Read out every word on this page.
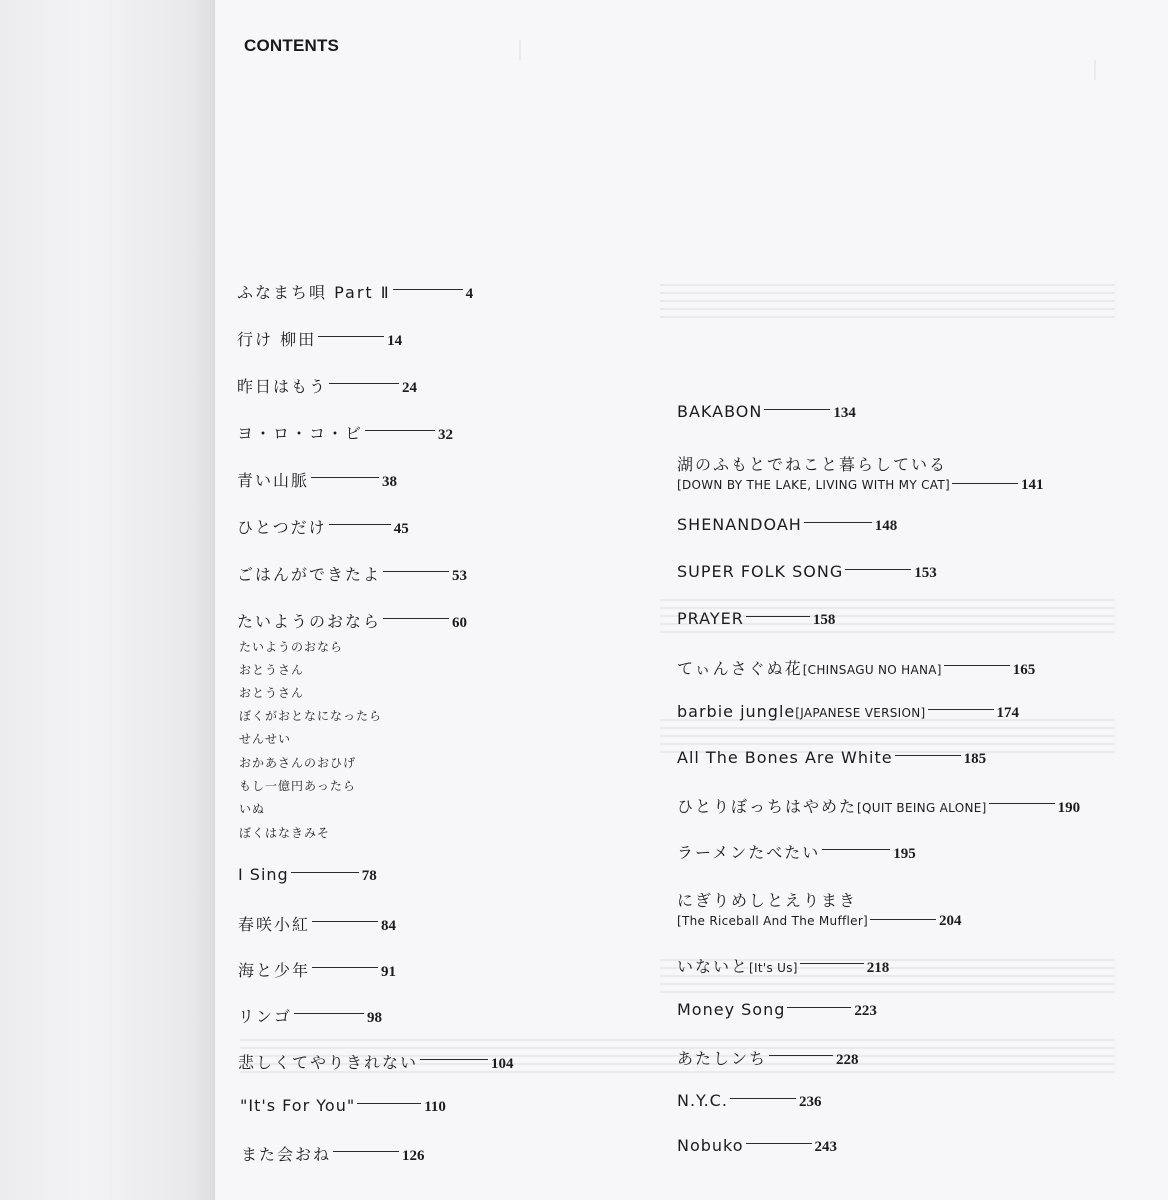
CONTENTS
ふなまち唄 Part Ⅱ	4
行け 柳田	14
昨日はもう	24
ヨ・ロ・コ・ビ	32
青い山脈	38
ひとつだけ	45
ごはんができたよ	53
たいようのおなら	60
たいようのおなら
おとうさん
おとうさん
ぼくがおとなになったら
せんせい
おかあさんのおひげ
もし一億円あったら
いぬ
ぼくはなきみそ
I Sing	78
春咲小紅	84
海と少年	91
リンゴ	98
悲しくてやりきれない	104
"It's For You"	110
また会おね	126
BAKABON	134
湖のふもとでねこと暮らしている
[DOWN BY THE LAKE, LIVING WITH MY CAT]	141
SHENANDOAH	148
SUPER FOLK SONG	153
PRAYER	158
てぃんさぐぬ花 [CHINSAGU NO HANA]	165
barbie jungle [JAPANESE VERSION]	174
All The Bones Are White	185
ひとりぼっちはやめた [QUIT BEING ALONE]	190
ラーメンたべたい	195
にぎりめしとえりまき
[The Riceball And The Muffler]	204
いないと [It's Us]	218
Money Song	223
あたしンち	228
N.Y.C.	236
Nobuko	243
